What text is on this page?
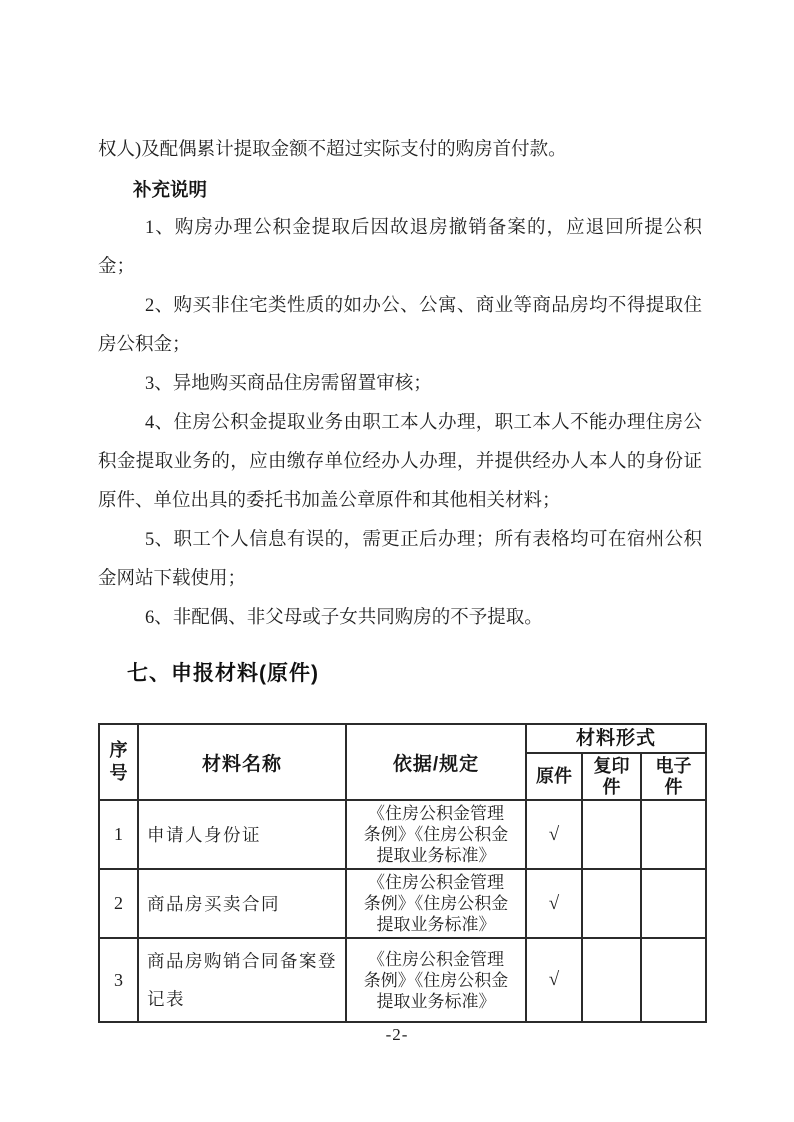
权人)及配偶累计提取金额不超过实际支付的购房首付款。

补充说明

1、购房办理公积金提取后因故退房撤销备案的，应退回所提公积金；

2、购买非住宅类性质的如办公、公寓、商业等商品房均不得提取住房公积金；

3、异地购买商品住房需留置审核；

4、住房公积金提取业务由职工本人办理，职工本人不能办理住房公积金提取业务的，应由缴存单位经办人办理，并提供经办人本人的身份证原件、单位出具的委托书加盖公章原件和其他相关材料；

5、职工个人信息有误的，需更正后办理；所有表格均可在宿州公积金网站下载使用；

6、非配偶、非父母或子女共同购房的不予提取。

七、申报材料(原件)
序号	材料名称	依据/规定	材料形式		
			原件	复印件	电子件
1	申请人身份证	《住房公积金管理条例》《住房公积金提取业务标准》	√		
2	商品房买卖合同	《住房公积金管理条例》《住房公积金提取业务标准》	√		
3	商品房购销合同备案登记表	《住房公积金管理条例》《住房公积金提取业务标准》	√		
-2-
